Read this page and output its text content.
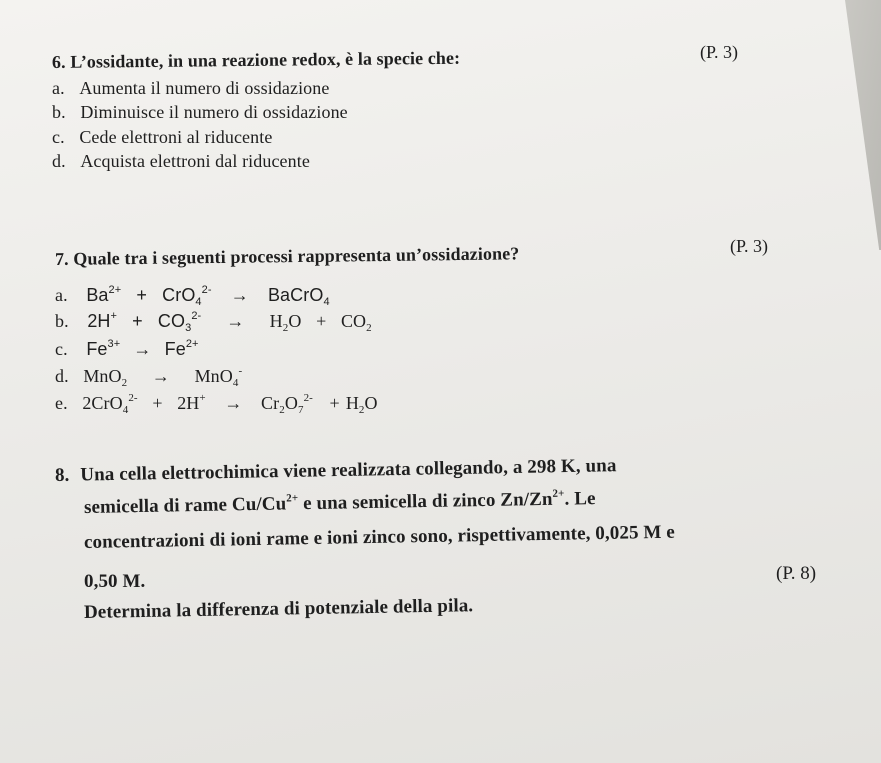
6. L’ossidante, in una reazione redox, è la specie che:	(P. 3)
a. Aumenta il numero di ossidazione
b. Diminuisce il numero di ossidazione
c. Cede elettroni al riducente
d. Acquista elettroni dal riducente
7. Quale tra i seguenti processi rappresenta un’ossidazione?	(P. 3)
a. $Ba^{2+} + CrO_4^{2-}$ → BaCrO$_4$
b. $2H^+ + CO_3^{2-} \to H_2O + CO_2$
c. $Fe^{3+} \to Fe^{2+}$
d. MnO$_2$ → MnO$_4$-
e. $2CrO_4^{2-} + 2H^+ \to Cr_2O_7^{2-} + H_2O$
8. Una cella elettrochimica viene realizzata collegando, a 298 K, una
semicella di rame $Cu/Cu^{2+}$ e una semicella di zinco $Zn/Zn^{2+}$. Le
concentrazioni di ioni rame e ioni zinco sono, rispettivamente, 0,025 M e
0,50 M.	(P. 8)
Determina la differenza di potenziale della pila.
